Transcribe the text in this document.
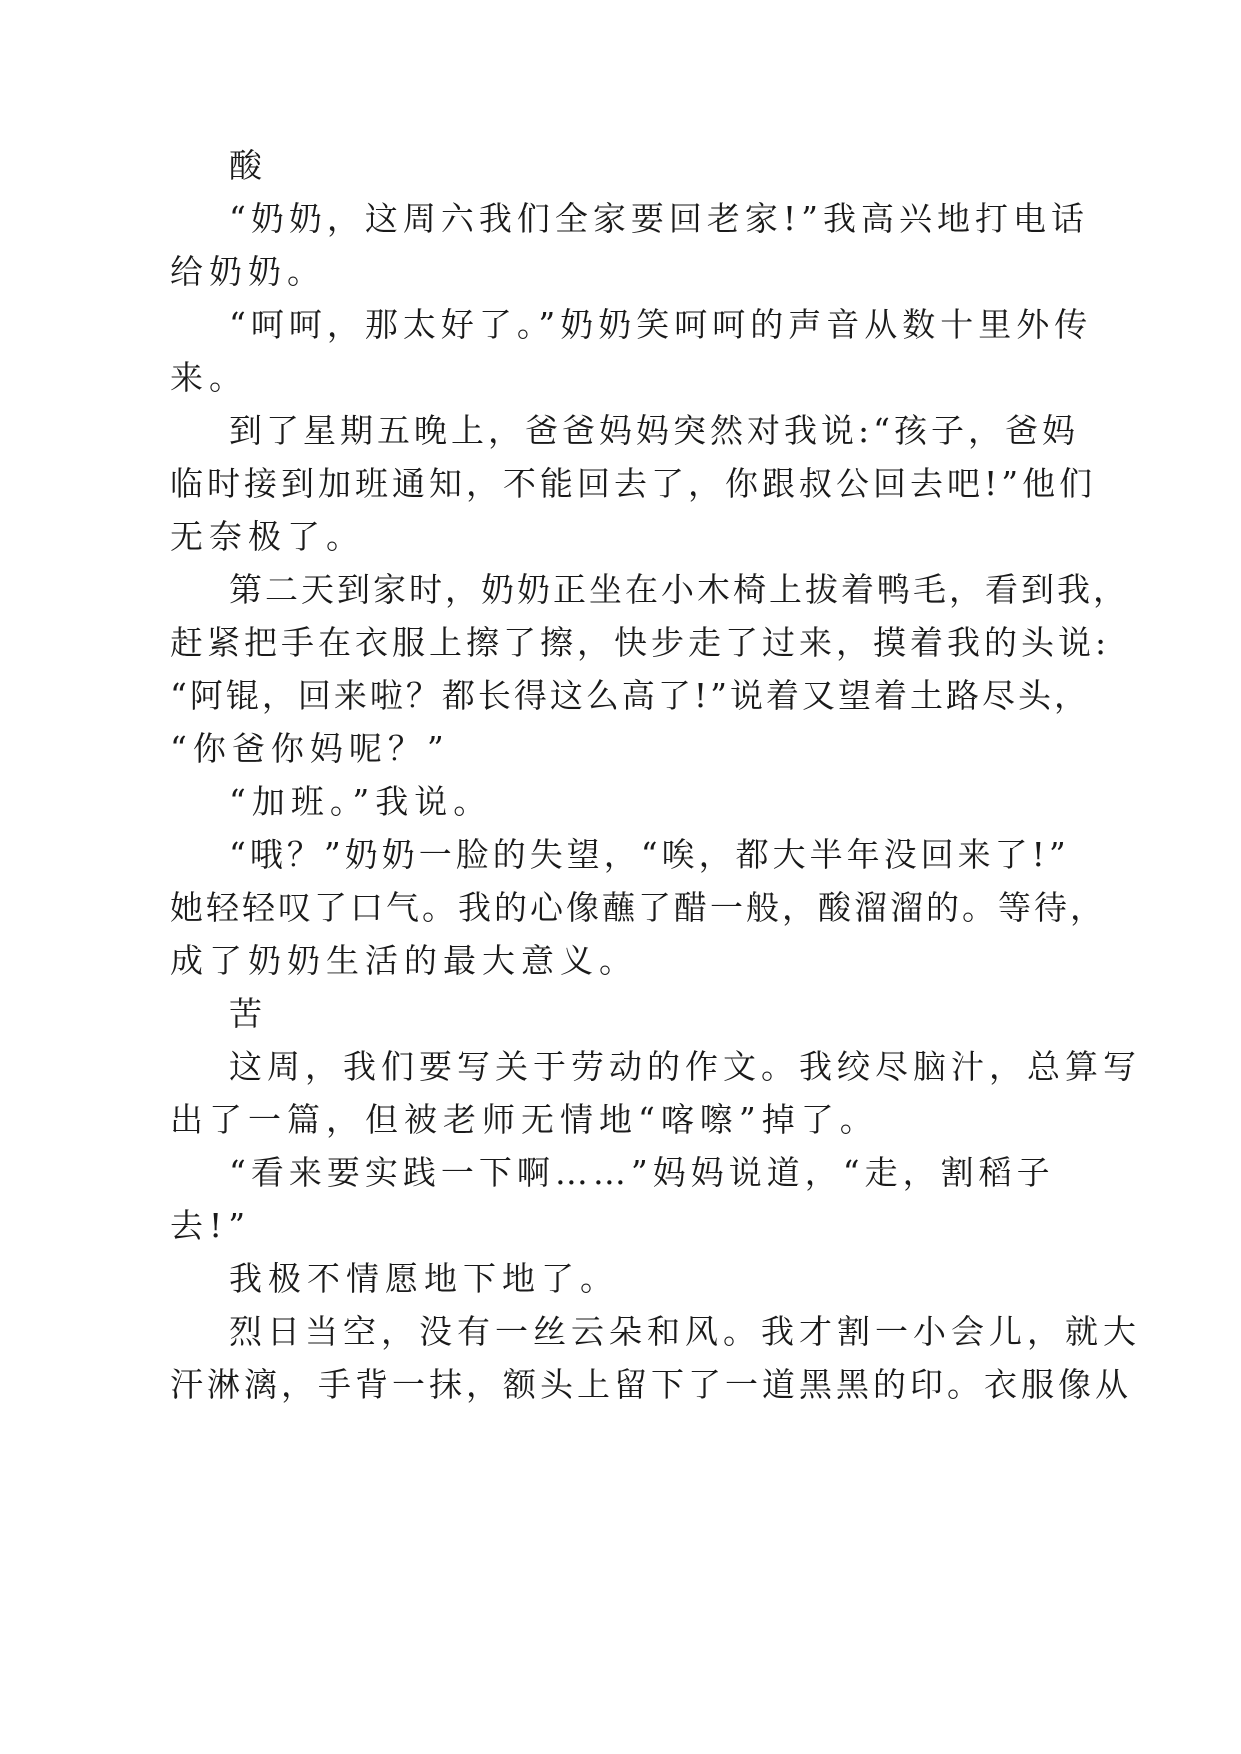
酸
“奶奶，这周六我们全家要回老家!”我高兴地打电话
给奶奶。
“呵呵，那太好了。”奶奶笑呵呵的声音从数十里外传
来。
到了星期五晚上，爸爸妈妈突然对我说:“孩子，爸妈
临时接到加班通知，不能回去了，你跟叔公回去吧!”他们
无奈极了。
第二天到家时，奶奶正坐在小木椅上拔着鸭毛，看到我，
赶紧把手在衣服上擦了擦，快步走了过来，摸着我的头说:
“阿锟，回来啦？都长得这么高了!”说着又望着土路尽头，
“你爸你妈呢？”
“加班。”我说。
“哦？”奶奶一脸的失望，“唉，都大半年没回来了!”
她轻轻叹了口气。我的心像蘸了醋一般，酸溜溜的。等待，
成了奶奶生活的最大意义。
苦
这周，我们要写关于劳动的作文。我绞尽脑汁，总算写
出了一篇，但被老师无情地“喀嚓”掉了。
“看来要实践一下啊……”妈妈说道，“走，割稻子
去!”
我极不情愿地下地了。
烈日当空，没有一丝云朵和风。我才割一小会儿，就大
汗淋漓，手背一抹，额头上留下了一道黑黑的印。衣服像从
